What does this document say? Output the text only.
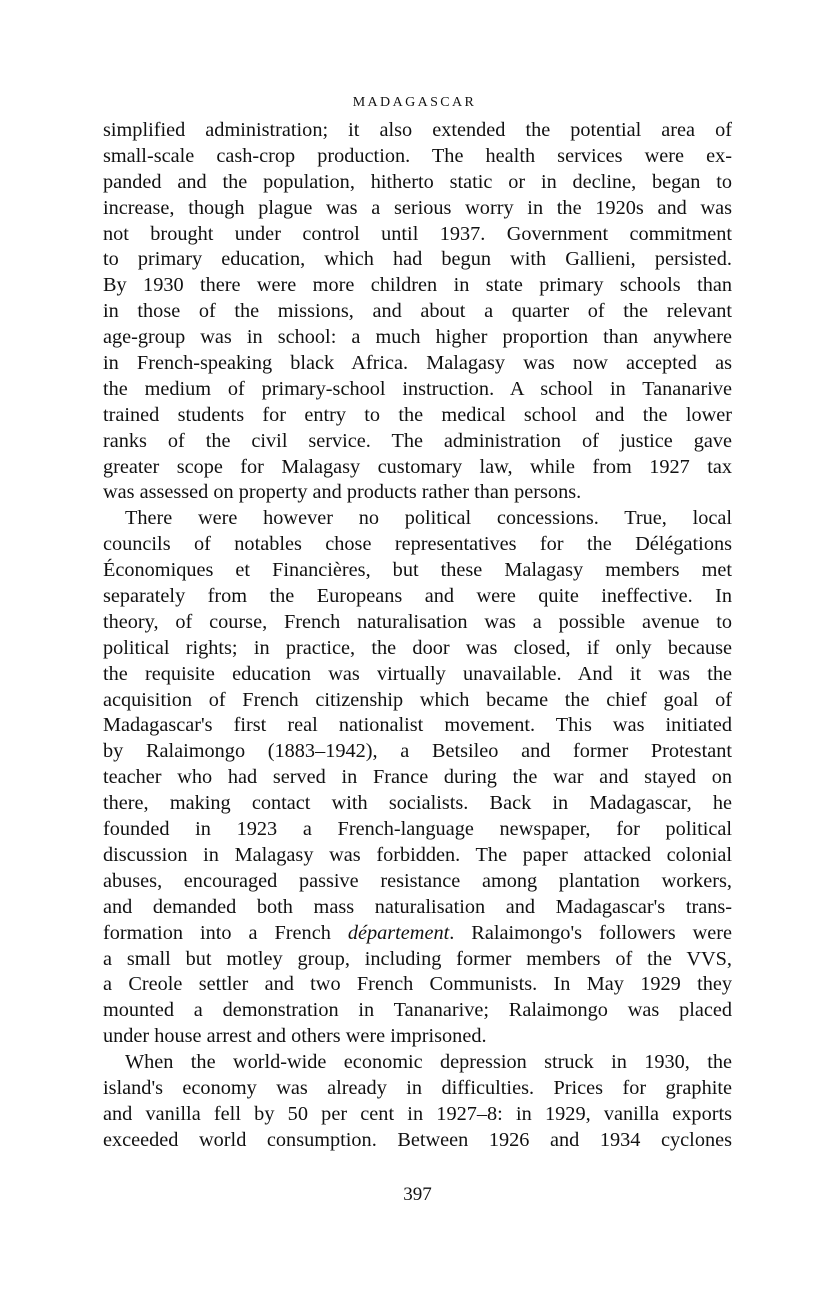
MADAGASCAR

simplified administration; it also extended the potential area of
small-scale cash-crop production. The health services were ex-
panded and the population, hitherto static or in decline, began to
increase, though plague was a serious worry in the 1920s and was
not brought under control until 1937. Government commitment
to primary education, which had begun with Gallieni, persisted.
By 1930 there were more children in state primary schools than
in those of the missions, and about a quarter of the relevant
age-group was in school: a much higher proportion than anywhere
in French-speaking black Africa. Malagasy was now accepted as
the medium of primary-school instruction. A school in Tananarive
trained students for entry to the medical school and the lower
ranks of the civil service. The administration of justice gave
greater scope for Malagasy customary law, while from 1927 tax
was assessed on property and products rather than persons.

There were however no political concessions. True, local
councils of notables chose representatives for the Délégations
Économiques et Financières, but these Malagasy members met
separately from the Europeans and were quite ineffective. In
theory, of course, French naturalisation was a possible avenue to
political rights; in practice, the door was closed, if only because
the requisite education was virtually unavailable. And it was the
acquisition of French citizenship which became the chief goal of
Madagascar's first real nationalist movement. This was initiated
by Ralaimongo (1883–1942), a Betsileo and former Protestant
teacher who had served in France during the war and stayed on
there, making contact with socialists. Back in Madagascar, he
founded in 1923 a French-language newspaper, for political
discussion in Malagasy was forbidden. The paper attacked colonial
abuses, encouraged passive resistance among plantation workers,
and demanded both mass naturalisation and Madagascar's trans-
formation into a French département. Ralaimongo's followers were
a small but motley group, including former members of the VVS,
a Creole settler and two French Communists. In May 1929 they
mounted a demonstration in Tananarive; Ralaimongo was placed
under house arrest and others were imprisoned.

When the world-wide economic depression struck in 1930, the
island's economy was already in difficulties. Prices for graphite
and vanilla fell by 50 per cent in 1927–8: in 1929, vanilla exports
exceeded world consumption. Between 1926 and 1934 cyclones

397
